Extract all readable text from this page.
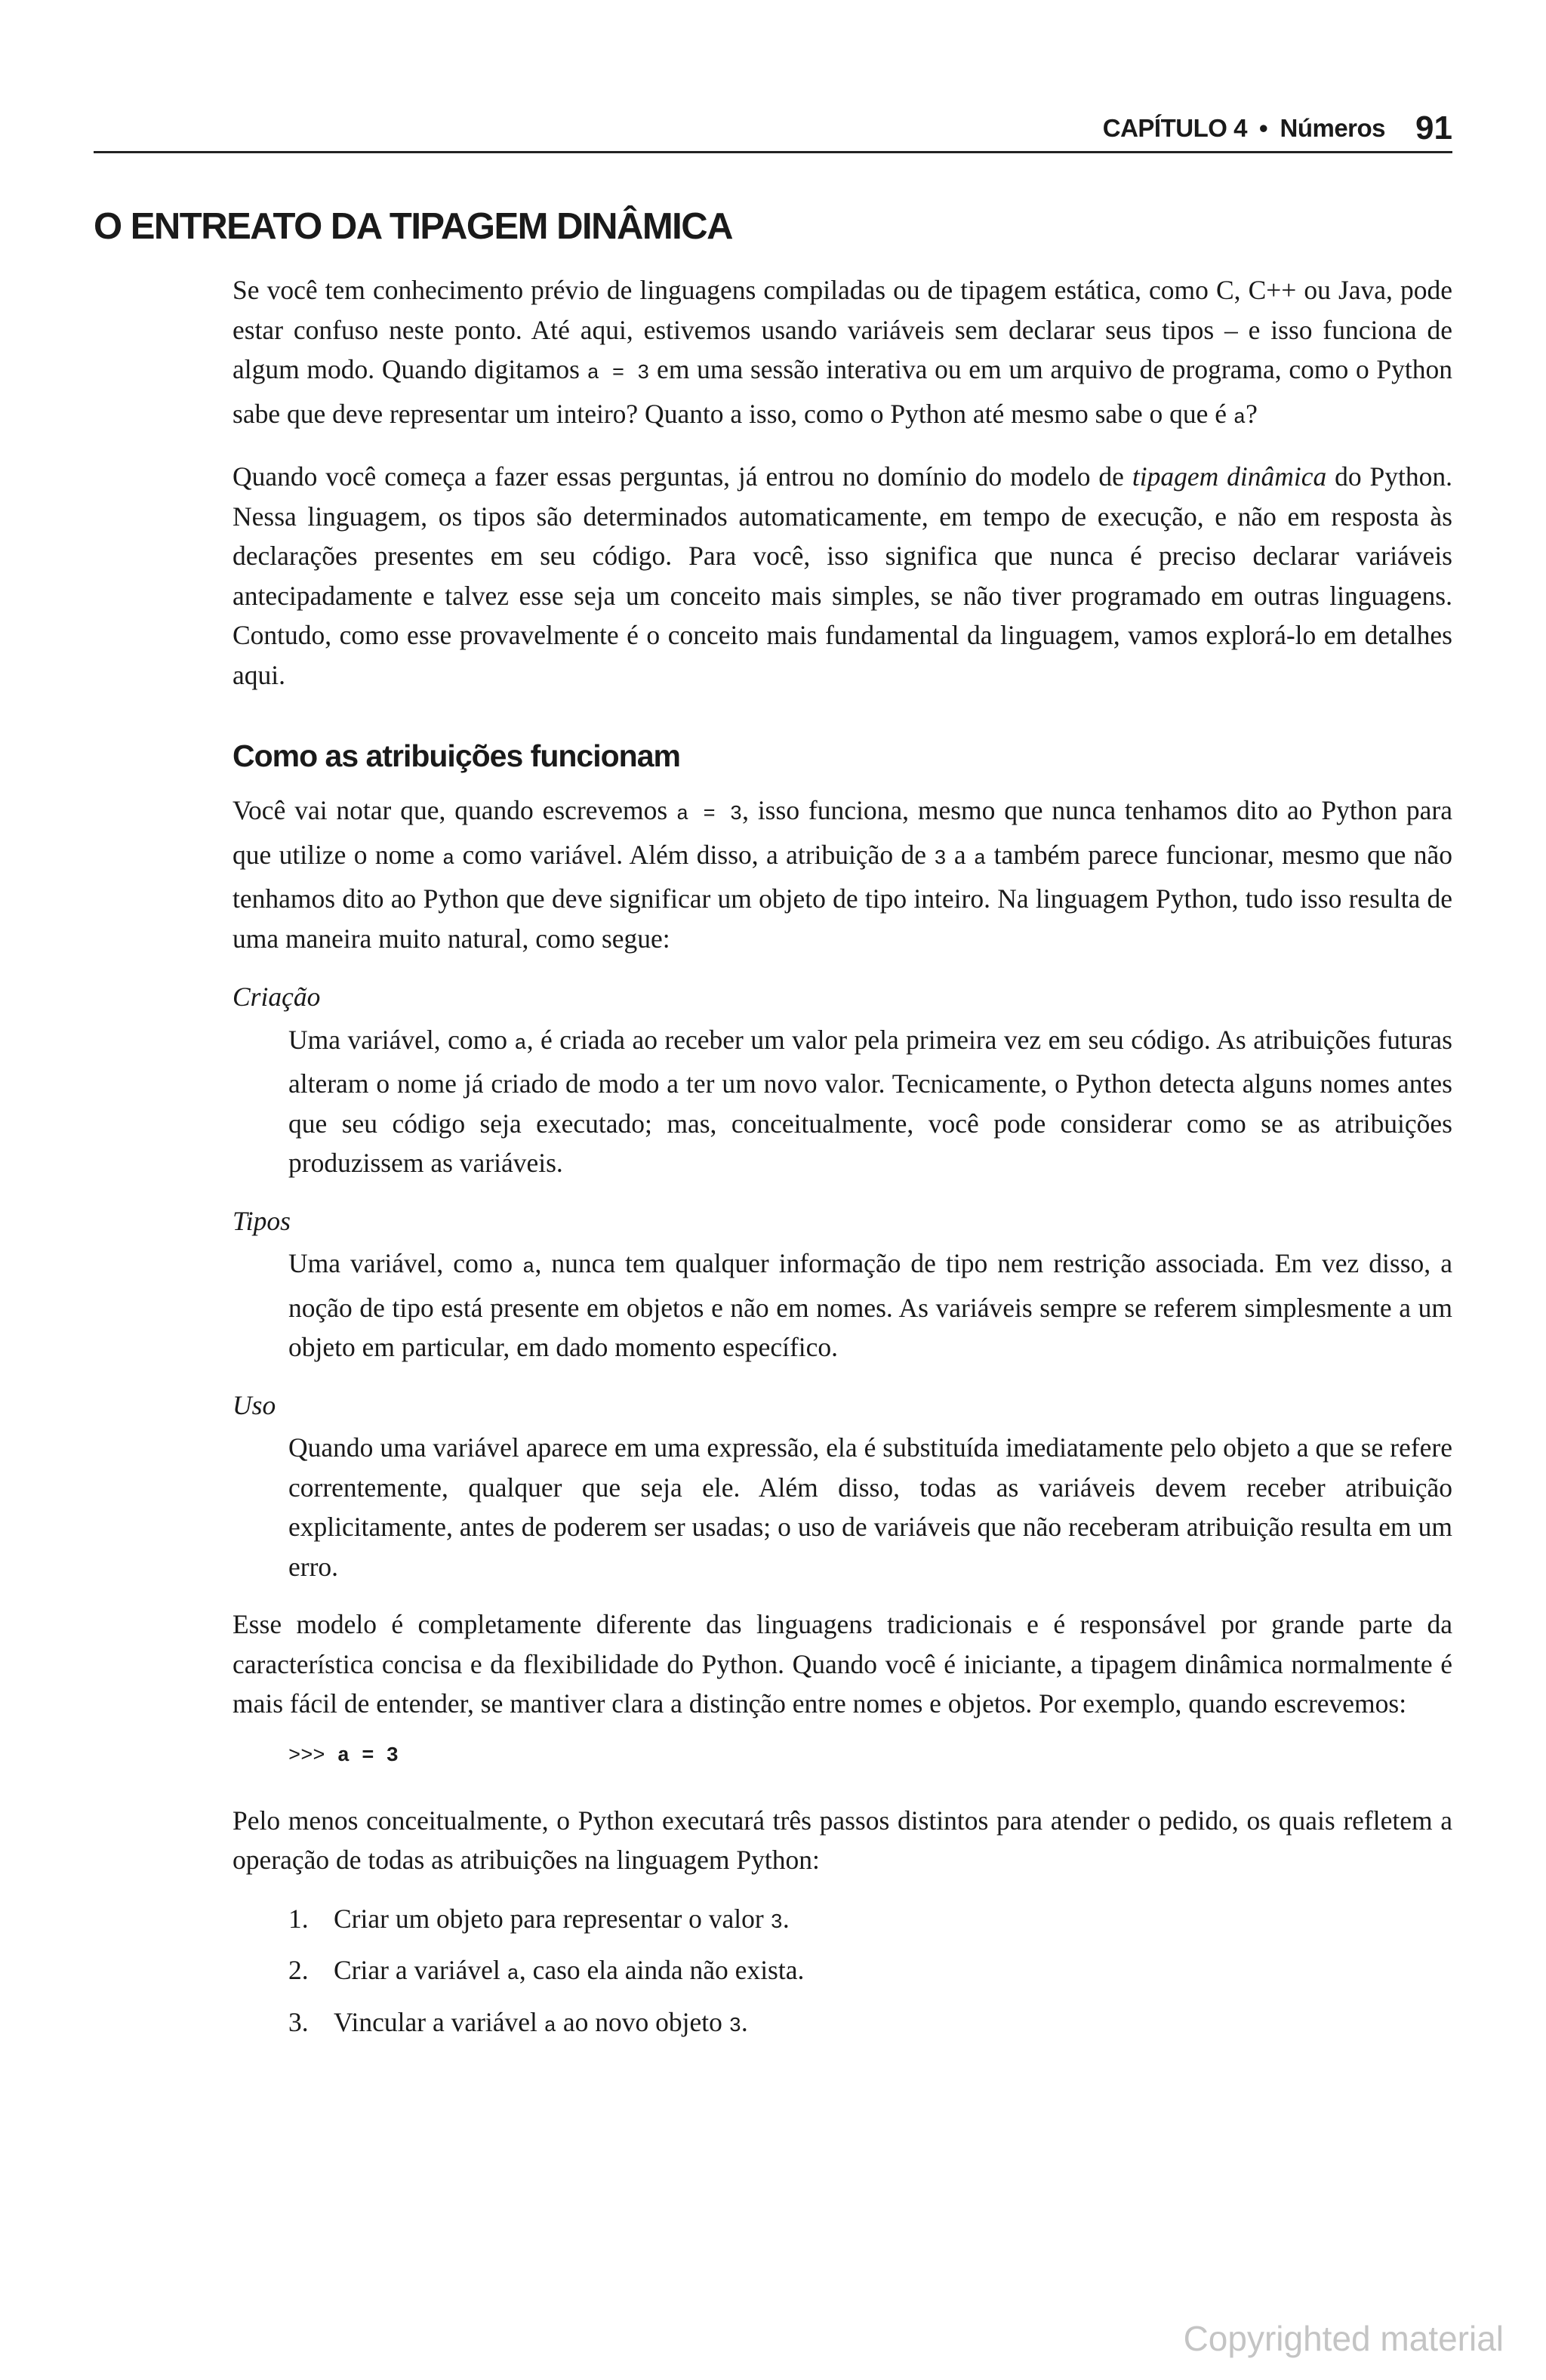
CAPÍTULO 4 • Números 91
O ENTREATO DA TIPAGEM DINÂMICA

Se você tem conhecimento prévio de linguagens compiladas ou de tipagem estática, como C, C++ ou Java, pode estar confuso neste ponto. Até aqui, estivemos usando variáveis sem declarar seus tipos – e isso funciona de algum modo. Quando digitamos a = 3 em uma sessão interativa ou em um arquivo de programa, como o Python sabe que deve representar um inteiro? Quanto a isso, como o Python até mesmo sabe o que é a?

Quando você começa a fazer essas perguntas, já entrou no domínio do modelo de tipagem dinâmica do Python. Nessa linguagem, os tipos são determinados automaticamente, em tempo de execução, e não em resposta às declarações presentes em seu código. Para você, isso significa que nunca é preciso declarar variáveis antecipadamente e talvez esse seja um conceito mais simples, se não tiver programado em outras linguagens. Contudo, como esse provavelmente é o conceito mais fundamental da linguagem, vamos explorá-lo em detalhes aqui.

Como as atribuições funcionam

Você vai notar que, quando escrevemos a = 3, isso funciona, mesmo que nunca tenhamos dito ao Python para que utilize o nome a como variável. Além disso, a atribuição de 3 a a também parece funcionar, mesmo que não tenhamos dito ao Python que deve significar um objeto de tipo inteiro. Na linguagem Python, tudo isso resulta de uma maneira muito natural, como segue:

Criação
Uma variável, como a, é criada ao receber um valor pela primeira vez em seu código. As atribuições futuras alteram o nome já criado de modo a ter um novo valor. Tecnicamente, o Python detecta alguns nomes antes que seu código seja executado; mas, conceitualmente, você pode considerar como se as atribuições produzissem as variáveis.
Tipos
Uma variável, como a, nunca tem qualquer informação de tipo nem restrição associada. Em vez disso, a noção de tipo está presente em objetos e não em nomes. As variáveis sempre se referem simplesmente a um objeto em particular, em dado momento específico.
Uso
Quando uma variável aparece em uma expressão, ela é substituída imediatamente pelo objeto a que se refere correntemente, qualquer que seja ele. Além disso, todas as variáveis devem receber atribuição explicitamente, antes de poderem ser usadas; o uso de variáveis que não receberam atribuição resulta em um erro.

Esse modelo é completamente diferente das linguagens tradicionais e é responsável por grande parte da característica concisa e da flexibilidade do Python. Quando você é iniciante, a tipagem dinâmica normalmente é mais fácil de entender, se mantiver clara a distinção entre nomes e objetos. Por exemplo, quando escrevemos:

>>> a = 3

Pelo menos conceitualmente, o Python executará três passos distintos para atender o pedido, os quais refletem a operação de todas as atribuições na linguagem Python:

1. Criar um objeto para representar o valor 3.
2. Criar a variável a, caso ela ainda não exista.
3. Vincular a variável a ao novo objeto 3.
Copyrighted material
